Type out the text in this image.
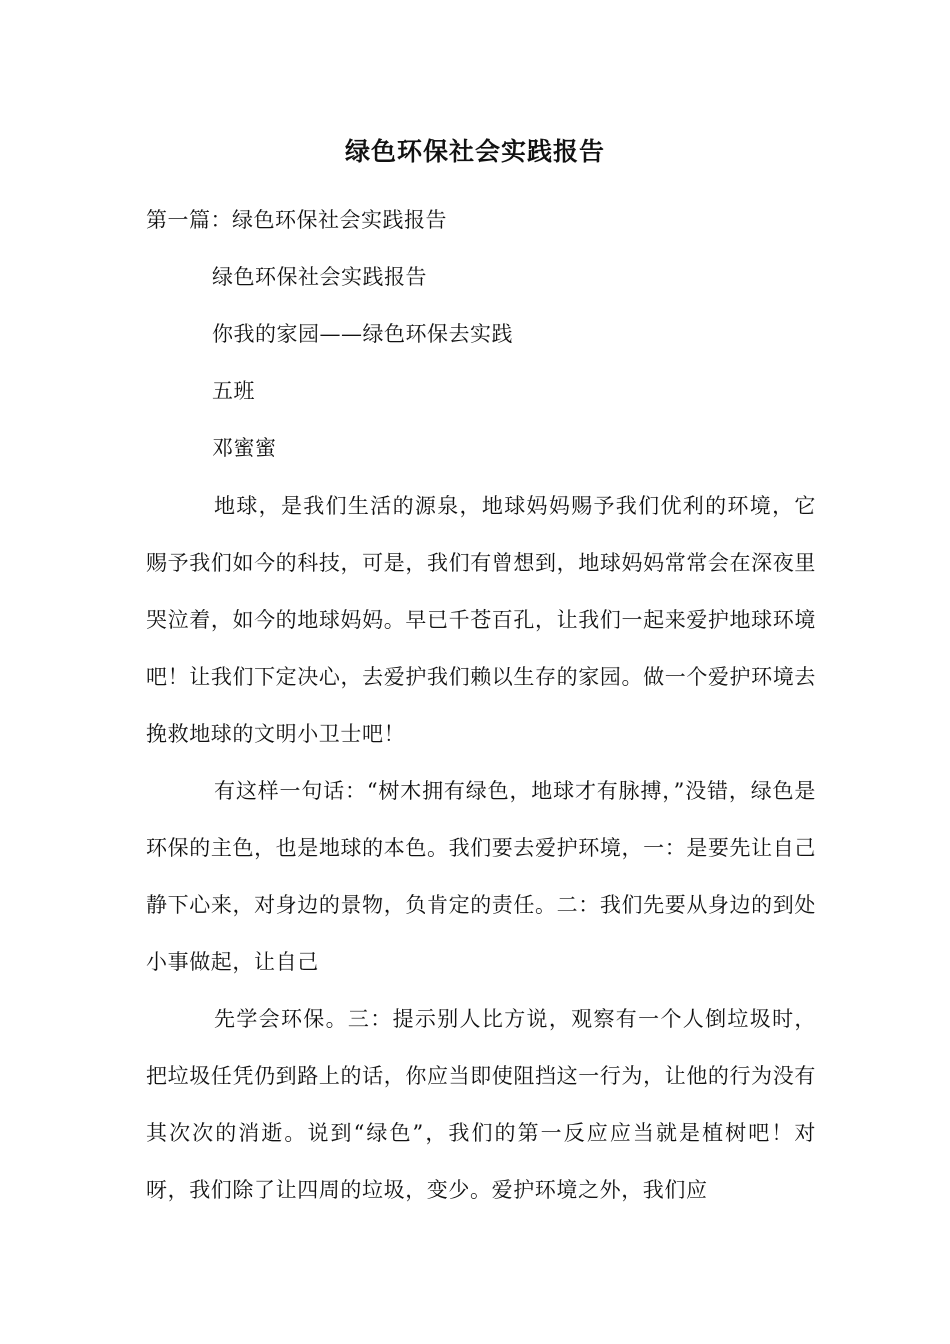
绿色环保社会实践报告
第一篇：绿色环保社会实践报告
绿色环保社会实践报告
你我的家园——绿色环保去实践
五班
邓蜜蜜

地球，是我们生活的源泉，地球妈妈赐予我们优利的环境，它赐予我们如今的科技，可是，我们有曾想到，地球妈妈常常会在深夜里哭泣着，如今的地球妈妈。早已千苍百孔，让我们一起来爱护地球环境吧！让我们下定决心，去爱护我们赖以生存的家园。做一个爱护环境去挽救地球的文明小卫士吧！

有这样一句话：“树木拥有绿色，地球才有脉搏，”没错，绿色是环保的主色，也是地球的本色。我们要去爱护环境，一：是要先让自己静下心来，对身边的景物，负肯定的责任。二：我们先要从身边的到处小事做起，让自己

先学会环保。三：提示别人比方说，观察有一个人倒垃圾时，把垃圾任凭仍到路上的话，你应当即使阻挡这一行为，让他的行为没有其次次的消逝。说到“绿色”，我们的第一反应应当就是植树吧！对呀，我们除了让四周的垃圾，变少。爱护环境之外，我们应
